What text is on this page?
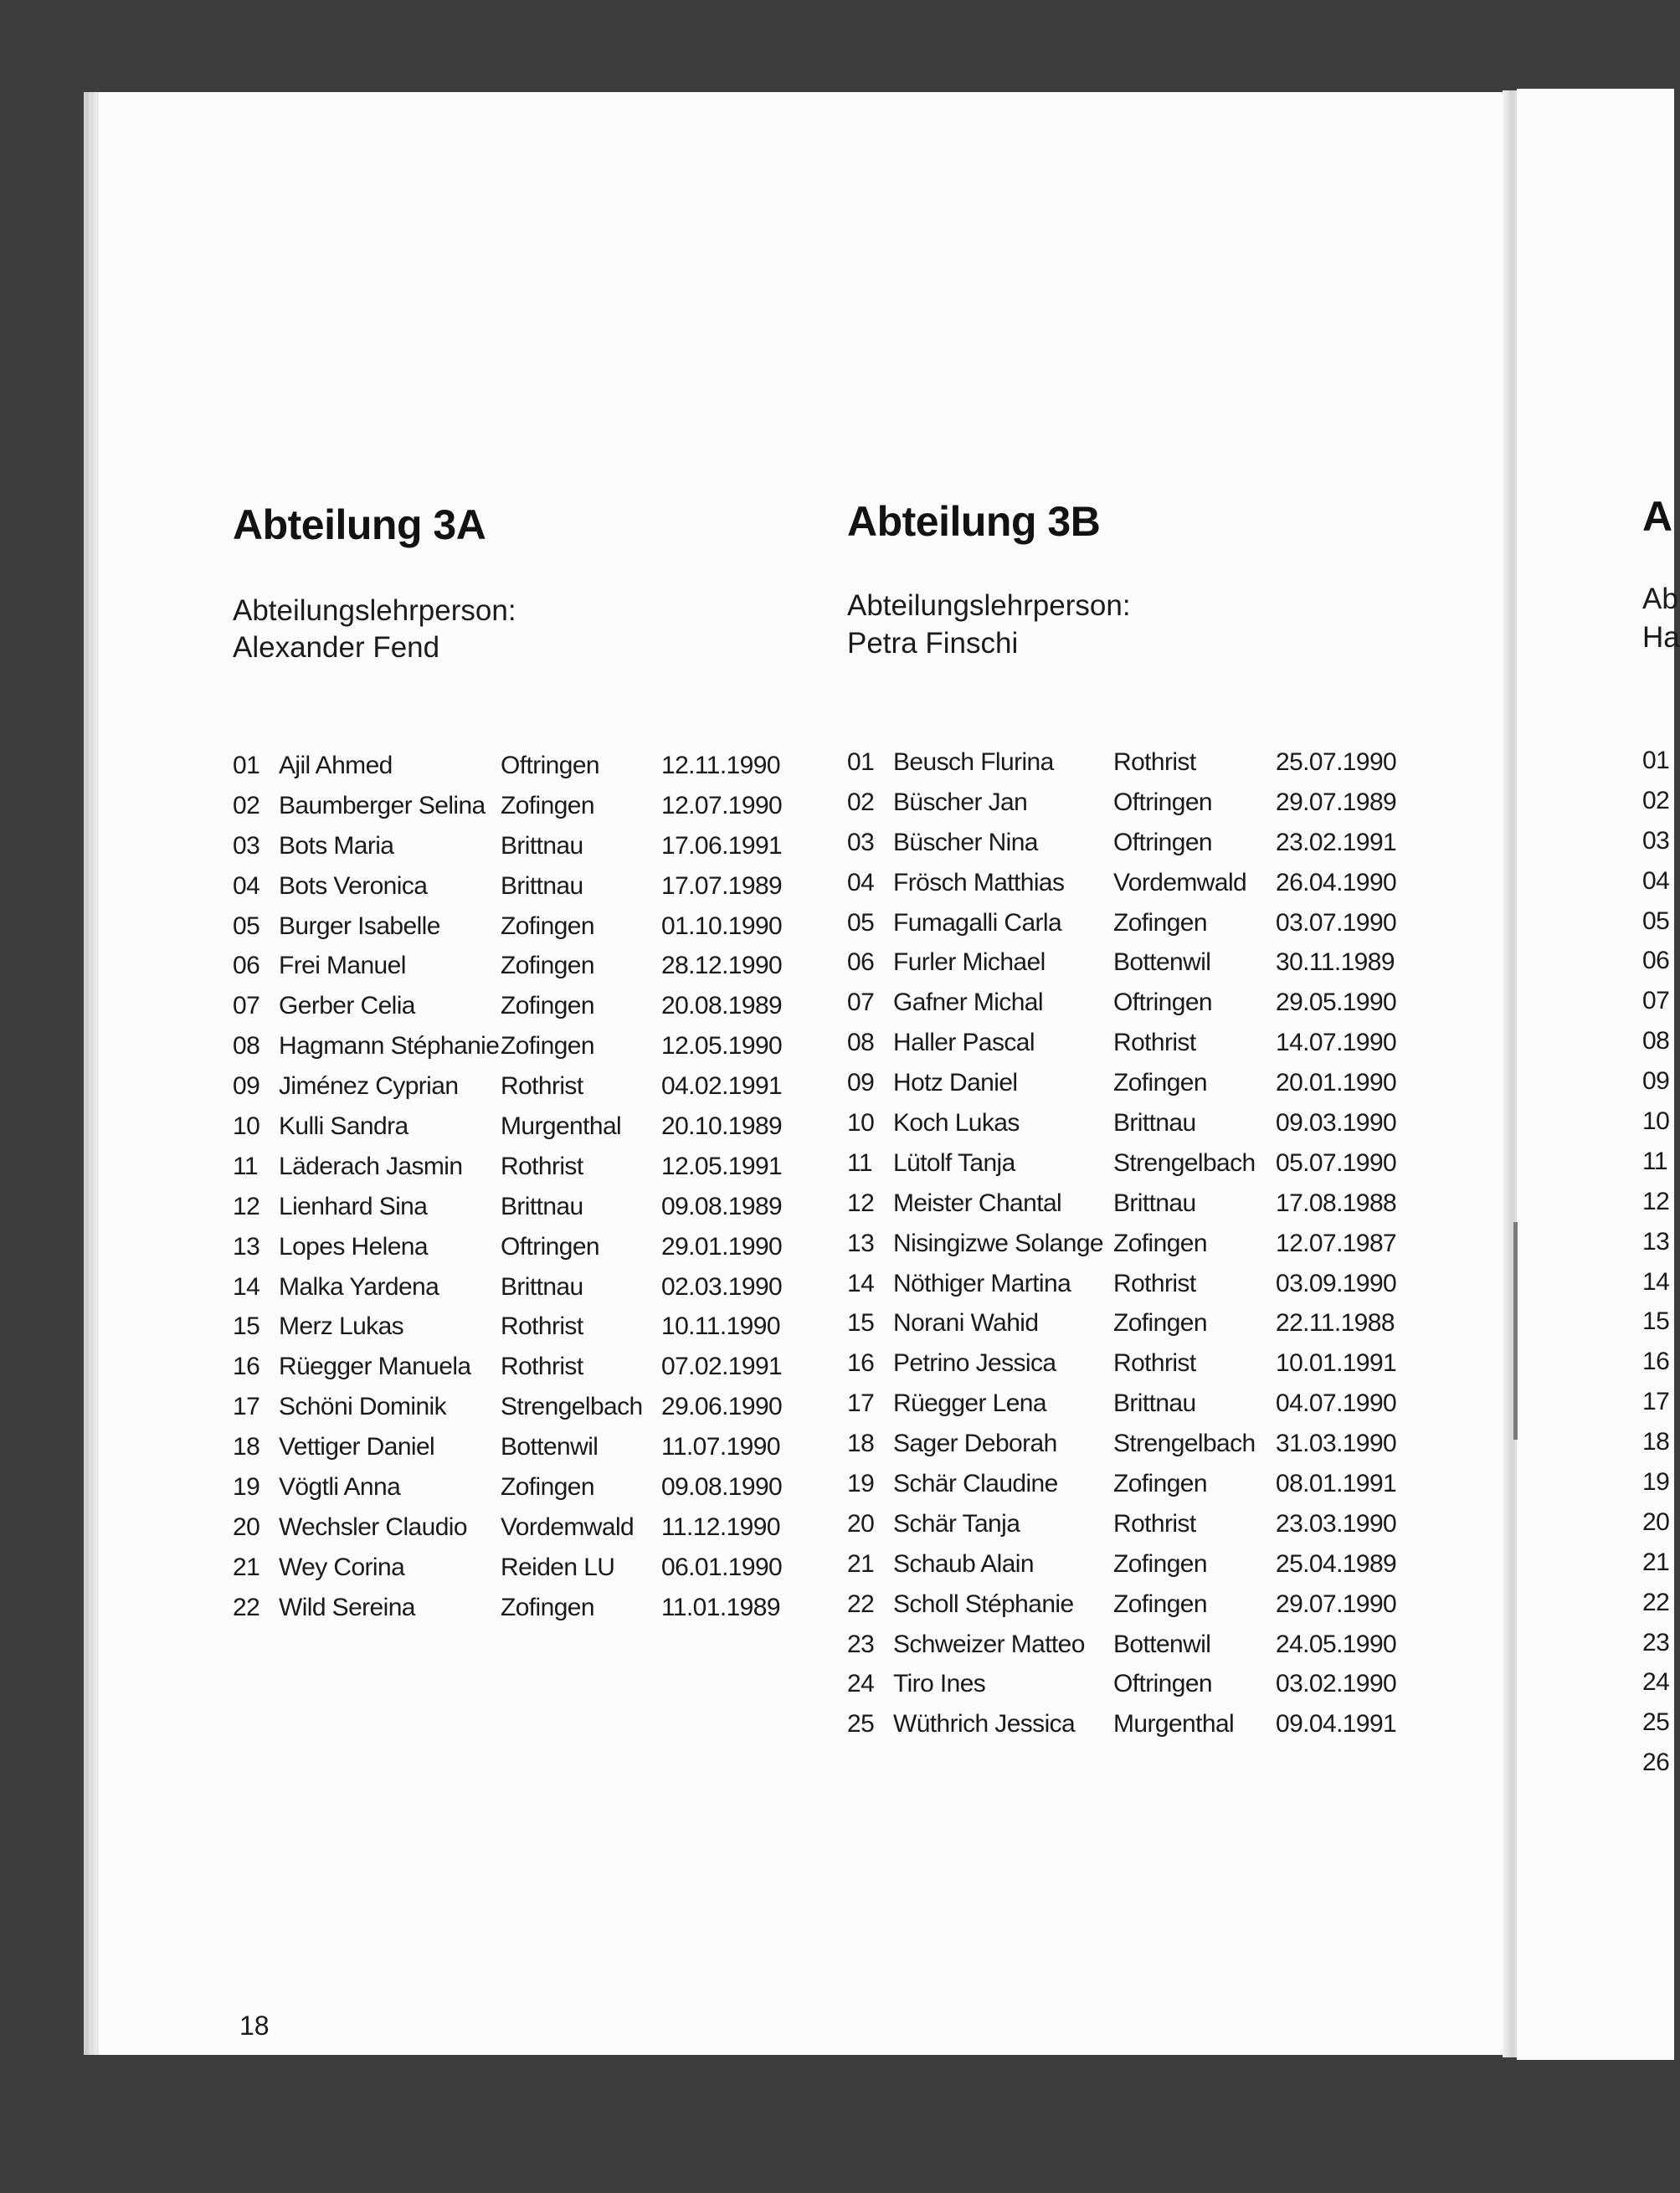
Abteilung 3A
Abteilungslehrperson:
Alexander Fend
01 Ajil Ahmed	Oftringen 12.11.1990
02 Baumberger Selina Zofingen	12.07.1990
03 Bots Maria	Brittnau	17.06.1991
04 Bots Veronica	Brittnau	17.07.1989
05 Burger Isabelle Zofingen	01.10.1990
06 Frei Manuel	Zofingen	28.12.1990
07 Gerber Celia	Zofingen	20.08.1989
08 Hagmann Stéphanie Zofingen	12.05.1990
09 Jiménez Cyprian Rothrist	04.02.1991
10 Kulli Sandra	Murgenthal 20.10.1989
11 Läderach Jasmin Rothrist	12.05.1991
12 Lienhard Sina	Brittnau	09.08.1989
13 Lopes Helena	Oftringen 29.01.1990
14 Malka Yardena Brittnau	02.03.1990
15 Merz Lukas	Rothrist	10.11.1990
16 Rüegger Manuela Rothrist	07.02.1991
17 Schöni Dominik Strengelbach 29.06.1990
18 Vettiger Daniel	Bottenwil	11.07.1990
19 Vögtli Anna	Zofingen	09.08.1990
20 Wechsler Claudio Vordemwald 11.12.1990
21 Wey Corina	Reiden LU 06.01.1990
22 Wild Sereina	Zofingen	11.01.1989
Abteilung 3B
Abteilungslehrperson:
Petra Finschi
01 Beusch Flurina Rothrist	25.07.1990
02 Büscher Jan	Oftringen	29.07.1989
03 Büscher Nina	Oftringen	23.02.1991
04 Frösch Matthias Vordemwald 26.04.1990
05 Fumagalli Carla Zofingen	03.07.1990
06 Furler Michael	Bottenwil	30.11.1989
07 Gafner Michal	Oftringen	29.05.1990
08 Haller Pascal	Rothrist	14.07.1990
09 Hotz Daniel	Zofingen	20.01.1990
10 Koch Lukas	Brittnau	09.03.1990
11 Lütolf Tanja	Strengelbach 05.07.1990
12 Meister Chantal Brittnau	17.08.1988
13 Nisingizwe Solange Zofingen	12.07.1987
14 Nöthiger Martina Rothrist	03.09.1990
15 Norani Wahid	Zofingen	22.11.1988
16 Petrino Jessica Rothrist	10.01.1991
17 Rüegger Lena	Brittnau	04.07.1990
18 Sager Deborah Strengelbach 31.03.1990
19 Schär Claudine Zofingen	08.01.1991
20 Schär Tanja	Rothrist	23.03.1990
21 Schaub Alain	Zofingen	25.04.1989
22 Scholl Stéphanie Zofingen	29.07.1990
23 Schweizer Matteo Bottenwil	24.05.1990
24 Tiro Ines	Oftringen	03.02.1990
25 Wüthrich Jessica Murgenthal 09.04.1991
18
A
Ab
Ha
01
02
03
04
05
06
07
08
09
10
11
12
13
14
15
16
17
18
19
20
21
22
23
24
25
26
